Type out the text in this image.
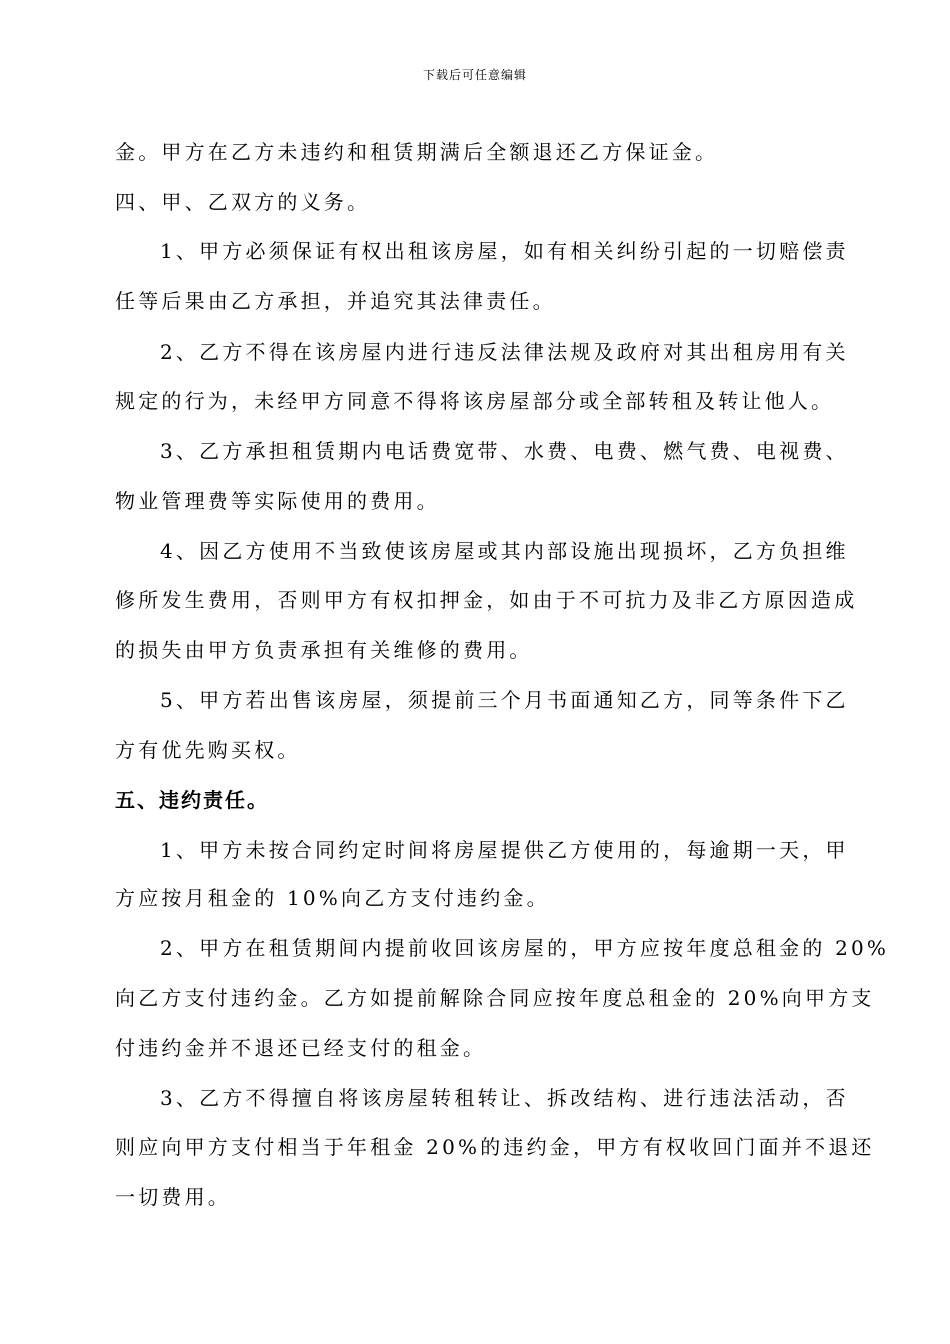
下载后可任意编辑
金。甲方在乙方未违约和租赁期满后全额退还乙方保证金。
四、甲、乙双方的义务。
1、甲方必须保证有权出租该房屋，如有相关纠纷引起的一切赔偿责
任等后果由乙方承担，并追究其法律责任。
2、乙方不得在该房屋内进行违反法律法规及政府对其出租房用有关
规定的行为，未经甲方同意不得将该房屋部分或全部转租及转让他人。
3、乙方承担租赁期内电话费宽带、水费、电费、燃气费、电视费、
物业管理费等实际使用的费用。
4、因乙方使用不当致使该房屋或其内部设施出现损坏，乙方负担维
修所发生费用，否则甲方有权扣押金，如由于不可抗力及非乙方原因造成
的损失由甲方负责承担有关维修的费用。
5、甲方若出售该房屋，须提前三个月书面通知乙方，同等条件下乙
方有优先购买权。
五、违约责任。
1、甲方未按合同约定时间将房屋提供乙方使用的，每逾期一天，甲
方应按月租金的 10%向乙方支付违约金。
2、甲方在租赁期间内提前收回该房屋的，甲方应按年度总租金的 20%
向乙方支付违约金。乙方如提前解除合同应按年度总租金的 20%向甲方支
付违约金并不退还已经支付的租金。
3、乙方不得擅自将该房屋转租转让、拆改结构、进行违法活动，否
则应向甲方支付相当于年租金 20%的违约金，甲方有权收回门面并不退还
一切费用。
